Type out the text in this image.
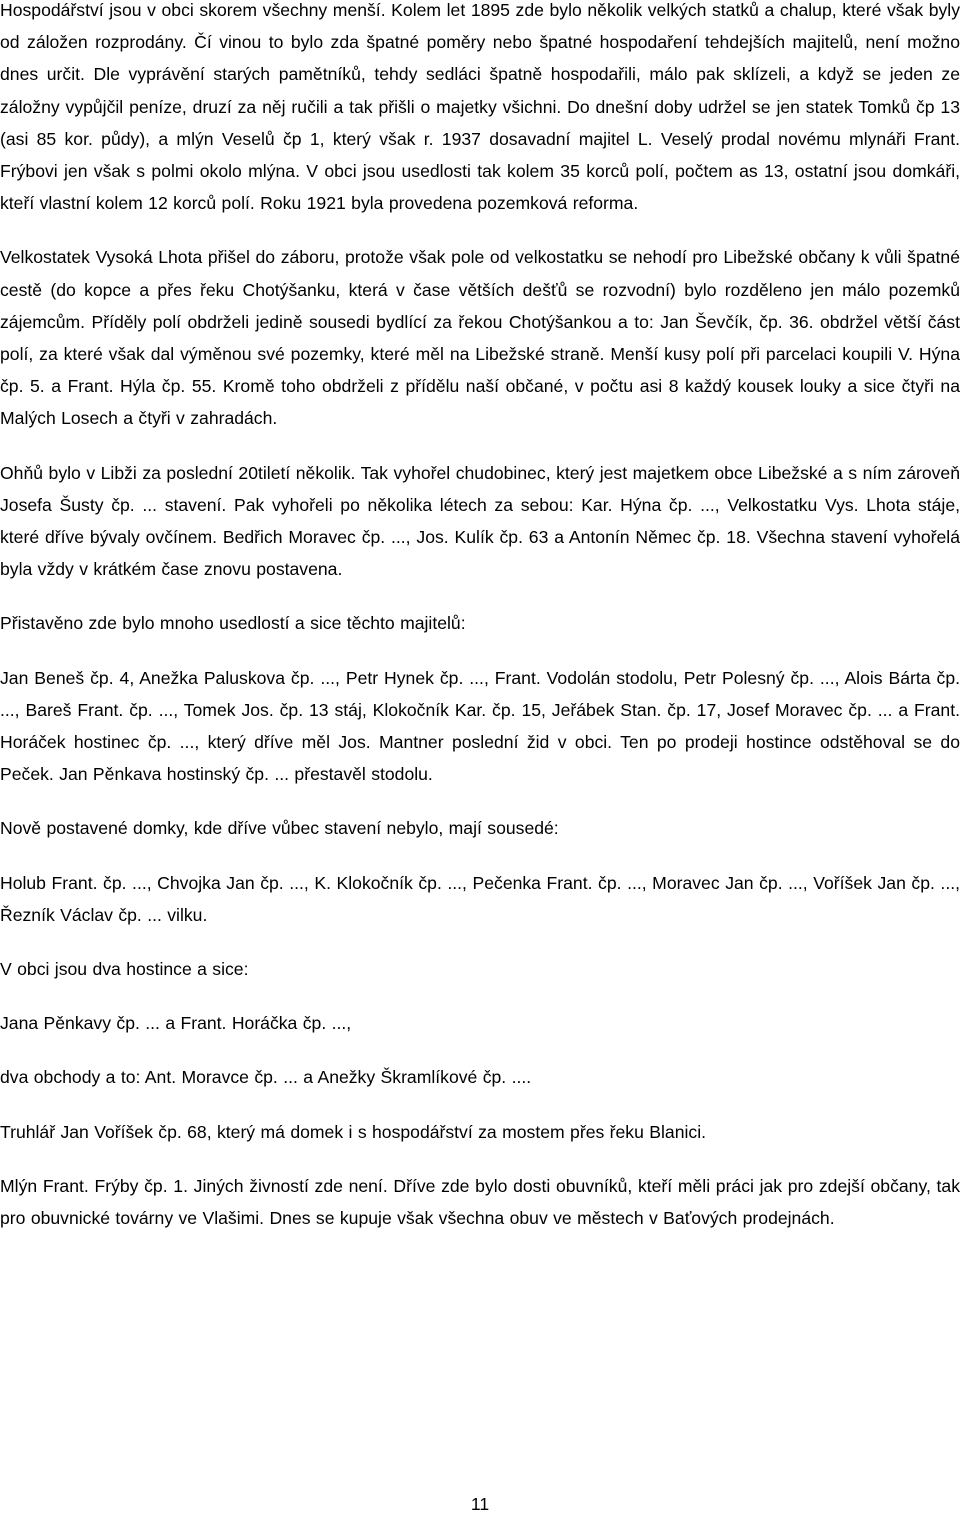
Hospodářství jsou v obci skorem všechny menší. Kolem let 1895 zde bylo několik velkých statků a chalup, které však byly od záložen rozprodány. Čí vinou to bylo zda špatné poměry nebo špatné hospodaření tehdejších majitelů, není možno dnes určit. Dle vyprávění starých pamětníků, tehdy sedláci špatně hospodařili, málo pak sklízeli, a když se jeden ze záložny vypůjčil peníze, druzí za něj ručili a tak přišli o majetky všichni. Do dnešní doby udržel se jen statek Tomků čp 13 (asi 85 kor. půdy), a mlýn Veselů čp 1, který však r. 1937 dosavadní majitel L. Veselý prodal novému mlynáři Frant. Frýbovi jen však s polmi okolo mlýna. V obci jsou usedlosti tak kolem 35 korců polí, počtem as 13, ostatní jsou domkáři, kteří vlastní kolem 12 korců polí. Roku 1921 byla provedena pozemková reforma.

Velkostatek Vysoká Lhota přišel do záboru, protože však pole od velkostatku se nehodí pro Libežské občany k vůli špatné cestě (do kopce a přes řeku Chotýšanku, která v čase větších dešťů se rozvodní) bylo rozděleno jen málo pozemků zájemcům. Příděly polí obdrželi jedině sousedi bydlící za řekou Chotýšankou a to: Jan Ševčík, čp. 36. obdržel větší část polí, za které však dal výměnou své pozemky, které měl na Libežské straně. Menší kusy polí při parcelaci koupili V. Hýna čp. 5. a Frant. Hýla čp. 55. Kromě toho obdrželi z přídělu naší občané, v počtu asi 8 každý kousek louky a sice čtyři na Malých Losech a čtyři v zahradách.

Ohňů bylo v Libži za poslední 20tiletí několik. Tak vyhořel chudobinec, který jest majetkem obce Libežské a s ním zároveň Josefa Šusty čp. ... stavení. Pak vyhořeli po několika létech za sebou: Kar. Hýna čp. ..., Velkostatku Vys. Lhota stáje, které dříve bývaly ovčínem. Bedřich Moravec čp. ..., Jos. Kulík čp. 63 a Antonín Němec čp. 18. Všechna stavení vyhořelá byla vždy v krátkém čase znovu postavena.

Přistavěno zde bylo mnoho usedlostí a sice těchto majitelů:

Jan Beneš čp. 4, Anežka Paluskova čp. ..., Petr Hynek čp. ..., Frant. Vodolán stodolu, Petr Polesný čp. ..., Alois Bárta čp. ..., Bareš Frant. čp. ..., Tomek Jos. čp. 13 stáj, Klokočník Kar. čp. 15, Jeřábek Stan. čp. 17, Josef Moravec čp. ... a Frant. Horáček hostinec čp. ..., který dříve měl Jos. Mantner poslední žid v obci. Ten po prodeji hostince odstěhoval se do Peček. Jan Pěnkava hostinský čp. ... přestavěl stodolu.

Nově postavené domky, kde dříve vůbec stavení nebylo, mají sousedé:

Holub Frant. čp. ..., Chvojka Jan čp. ..., K. Klokočník čp. ..., Pečenka Frant. čp. ..., Moravec Jan čp. ..., Voříšek Jan čp. ..., Řezník Václav čp. ... vilku.

V obci jsou dva hostince a sice:

Jana Pěnkavy čp. ... a Frant. Horáčka čp. ...,

dva obchody a to: Ant. Moravce čp. ... a Anežky Škramlíkové čp. ....

Truhlář Jan Voříšek čp. 68, který má domek i s hospodářství za mostem přes řeku Blanici.

Mlýn Frant. Frýby čp. 1. Jiných živností zde není. Dříve zde bylo dosti obuvníků, kteří měli práci jak pro zdejší občany, tak pro obuvnické továrny ve Vlašimi. Dnes se kupuje však všechna obuv ve městech v Baťových prodejnách.

11
